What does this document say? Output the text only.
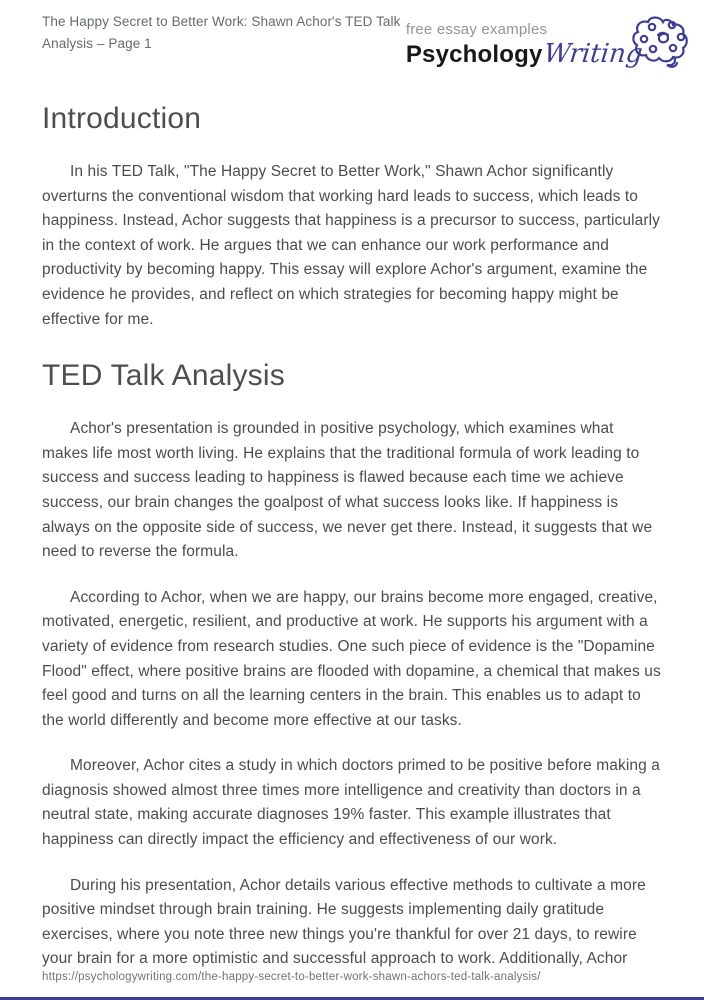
The Happy Secret to Better Work: Shawn Achor's TED Talk Analysis – Page 1
free essay examples
Psychology Writing
Introduction

In his TED Talk, "The Happy Secret to Better Work," Shawn Achor significantly overturns the conventional wisdom that working hard leads to success, which leads to happiness. Instead, Achor suggests that happiness is a precursor to success, particularly in the context of work. He argues that we can enhance our work performance and productivity by becoming happy. This essay will explore Achor's argument, examine the evidence he provides, and reflect on which strategies for becoming happy might be effective for me.

TED Talk Analysis

Achor's presentation is grounded in positive psychology, which examines what makes life most worth living. He explains that the traditional formula of work leading to success and success leading to happiness is flawed because each time we achieve success, our brain changes the goalpost of what success looks like. If happiness is always on the opposite side of success, we never get there. Instead, it suggests that we need to reverse the formula.

According to Achor, when we are happy, our brains become more engaged, creative, motivated, energetic, resilient, and productive at work. He supports his argument with a variety of evidence from research studies. One such piece of evidence is the "Dopamine Flood" effect, where positive brains are flooded with dopamine, a chemical that makes us feel good and turns on all the learning centers in the brain. This enables us to adapt to the world differently and become more effective at our tasks.

Moreover, Achor cites a study in which doctors primed to be positive before making a diagnosis showed almost three times more intelligence and creativity than doctors in a neutral state, making accurate diagnoses 19% faster. This example illustrates that happiness can directly impact the efficiency and effectiveness of our work.

During his presentation, Achor details various effective methods to cultivate a more positive mindset through brain training. He suggests implementing daily gratitude exercises, where you note three new things you're thankful for over 21 days, to rewire your brain for a more optimistic and successful approach to work. Additionally, Achor

https://psychologywriting.com/the-happy-secret-to-better-work-shawn-achors-ted-talk-analysis/
